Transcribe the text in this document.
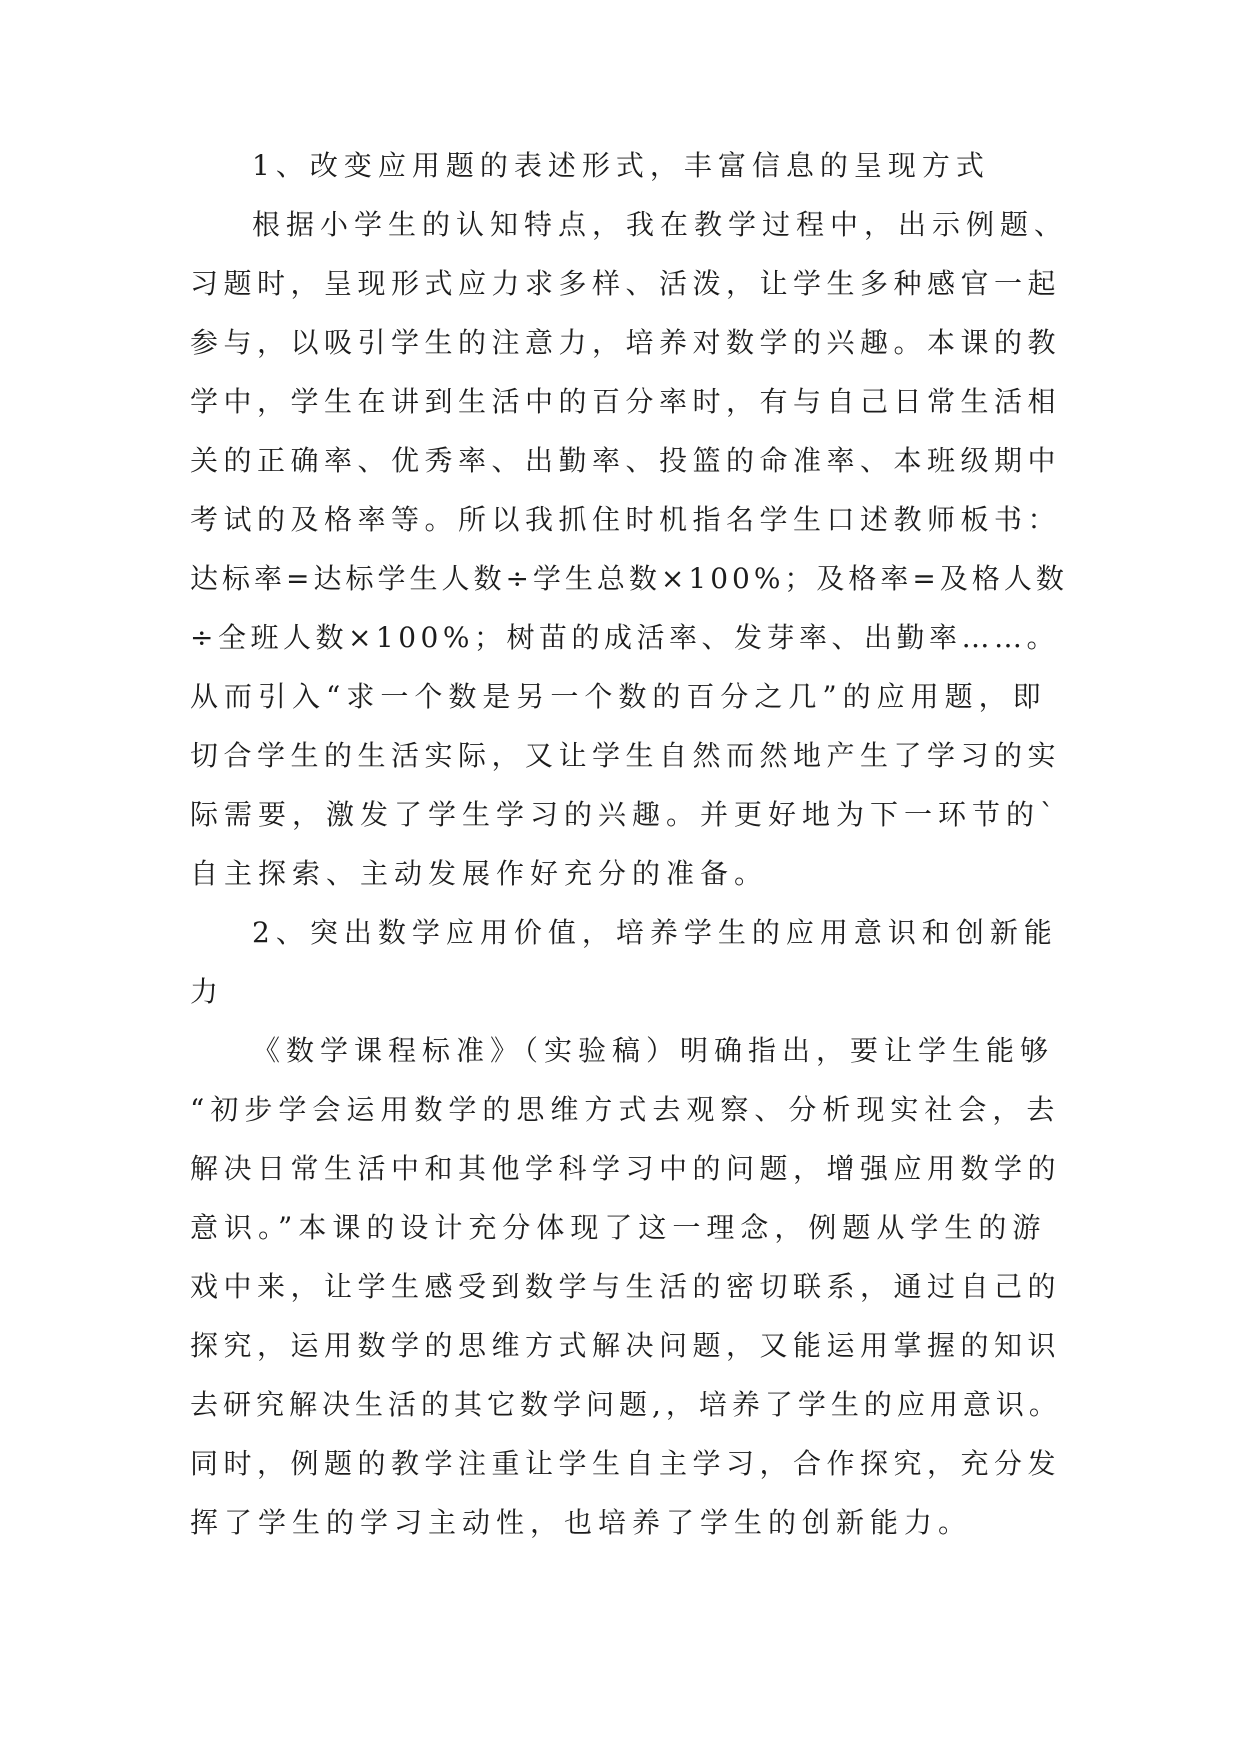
1、改变应用题的表述形式，丰富信息的呈现方式
根据小学生的认知特点，我在教学过程中，出示例题、
习题时，呈现形式应力求多样、活泼，让学生多种感官一起
参与，以吸引学生的注意力，培养对数学的兴趣。本课的教
学中，学生在讲到生活中的百分率时，有与自己日常生活相
关的正确率、优秀率、出勤率、投篮的命准率、本班级期中
考试的及格率等。所以我抓住时机指名学生口述教师板书：
达标率=达标学生人数÷学生总数×100%；及格率=及格人数
÷全班人数×100%；树苗的成活率、发芽率、出勤率……。
从而引入“求一个数是另一个数的百分之几”的应用题，即
切合学生的生活实际，又让学生自然而然地产生了学习的实
际需要，激发了学生学习的兴趣。并更好地为下一环节的`
自主探索、主动发展作好充分的准备。
2、突出数学应用价值，培养学生的应用意识和创新能
力
《数学课程标准》（实验稿）明确指出，要让学生能够
“初步学会运用数学的思维方式去观察、分析现实社会，去
解决日常生活中和其他学科学习中的问题，增强应用数学的
意识。”本课的设计充分体现了这一理念，例题从学生的游
戏中来，让学生感受到数学与生活的密切联系，通过自己的
探究，运用数学的思维方式解决问题，又能运用掌握的知识
去研究解决生活的其它数学问题,，培养了学生的应用意识。
同时，例题的教学注重让学生自主学习，合作探究，充分发
挥了学生的学习主动性，也培养了学生的创新能力。
